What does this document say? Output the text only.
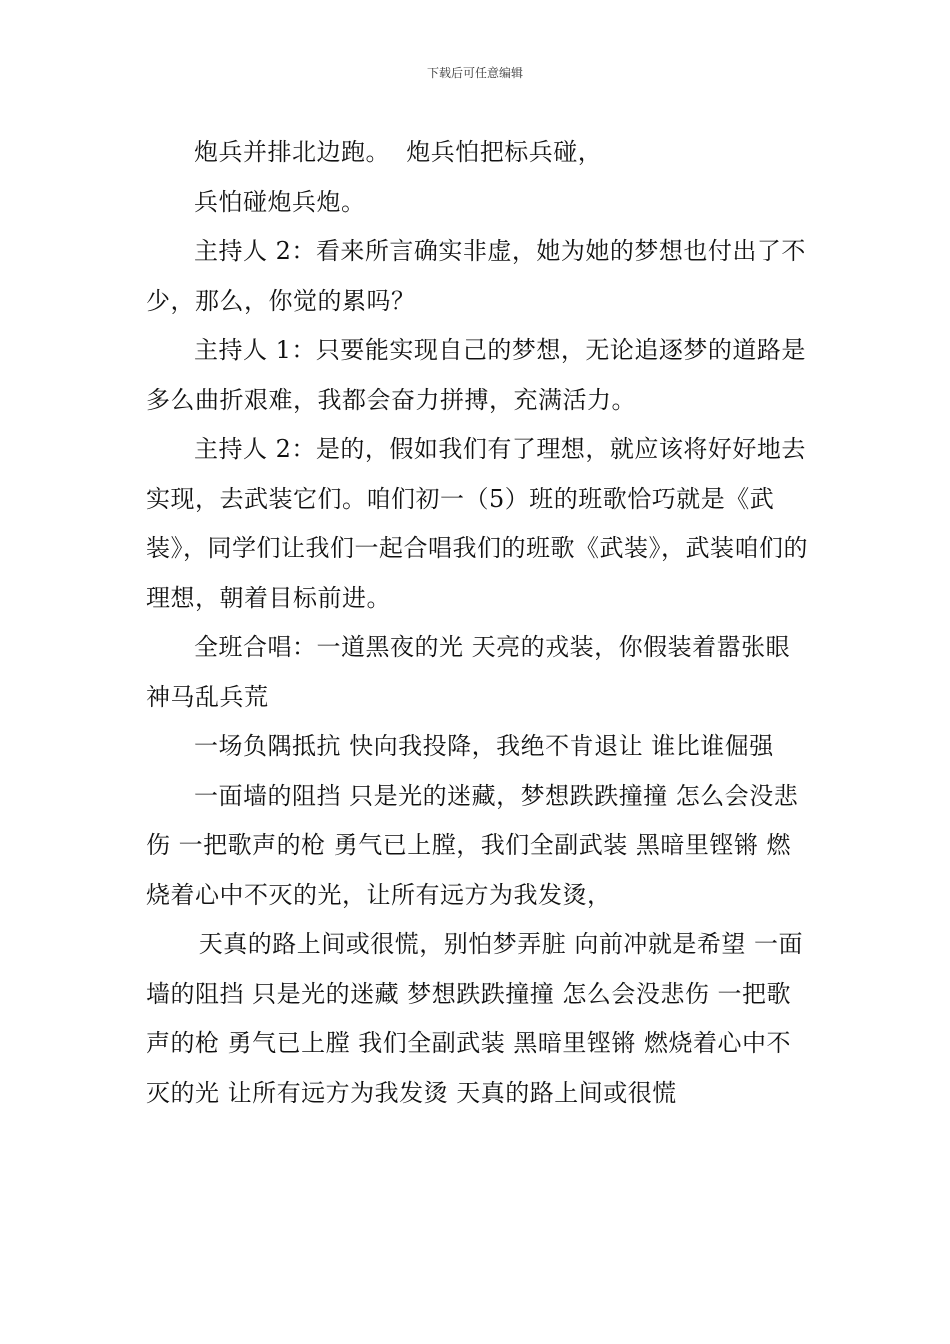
下载后可任意编辑

炮兵并排北边跑。  炮兵怕把标兵碰，

兵怕碰炮兵炮。

主持人 2：看来所言确实非虚，她为她的梦想也付出了不少，那么，你觉的累吗？

主持人 1：只要能实现自己的梦想，无论追逐梦的道路是多么曲折艰难，我都会奋力拼搏，充满活力。

主持人 2：是的，假如我们有了理想，就应该将好好地去实现，去武装它们。咱们初一（5）班的班歌恰巧就是《武装》，同学们让我们一起合唱我们的班歌《武装》，武装咱们的理想，朝着目标前进。

全班合唱：一道黑夜的光 天亮的戎装，你假装着嚣张眼神马乱兵荒

一场负隅抵抗 快向我投降，我绝不肯退让 谁比谁倔强

一面墙的阻挡 只是光的迷藏，梦想跌跌撞撞 怎么会没悲伤 一把歌声的枪 勇气已上膛，我们全副武装 黑暗里铿锵 燃烧着心中不灭的光，让所有远方为我发烫，

天真的路上间或很慌，别怕梦弄脏 向前冲就是希望 一面墙的阻挡 只是光的迷藏 梦想跌跌撞撞 怎么会没悲伤 一把歌声的枪 勇气已上膛 我们全副武装 黑暗里铿锵 燃烧着心中不灭的光 让所有远方为我发烫 天真的路上间或很慌
